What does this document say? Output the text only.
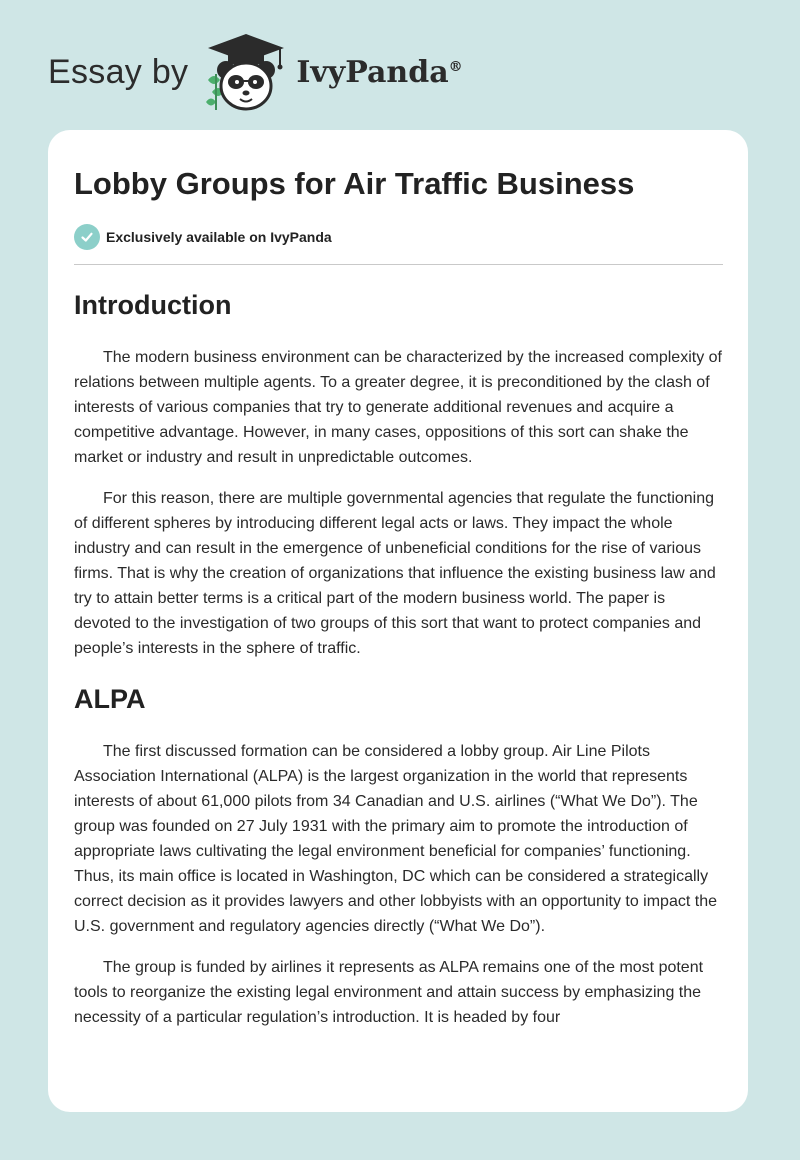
Essay by	IvyPanda®
Lobby Groups for Air Traffic Business
Exclusively available on IvyPanda
Introduction

The modern business environment can be characterized by the increased complexity of relations between multiple agents. To a greater degree, it is preconditioned by the clash of interests of various companies that try to generate additional revenues and acquire a competitive advantage. However, in many cases, oppositions of this sort can shake the market or industry and result in unpredictable outcomes.

For this reason, there are multiple governmental agencies that regulate the functioning of different spheres by introducing different legal acts or laws. They impact the whole industry and can result in the emergence of unbeneficial conditions for the rise of various firms. That is why the creation of organizations that influence the existing business law and try to attain better terms is a critical part of the modern business world. The paper is devoted to the investigation of two groups of this sort that want to protect companies and people’s interests in the sphere of traffic.

ALPA

The first discussed formation can be considered a lobby group. Air Line Pilots Association International (ALPA) is the largest organization in the world that represents interests of about 61,000 pilots from 34 Canadian and U.S. airlines (“What We Do”). The group was founded on 27 July 1931 with the primary aim to promote the introduction of appropriate laws cultivating the legal environment beneficial for companies’ functioning. Thus, its main office is located in Washington, DC which can be considered a strategically correct decision as it provides lawyers and other lobbyists with an opportunity to impact the U.S. government and regulatory agencies directly (“What We Do”).

The group is funded by airlines it represents as ALPA remains one of the most potent tools to reorganize the existing legal environment and attain success by emphasizing the necessity of a particular regulation’s introduction. It is headed by four
